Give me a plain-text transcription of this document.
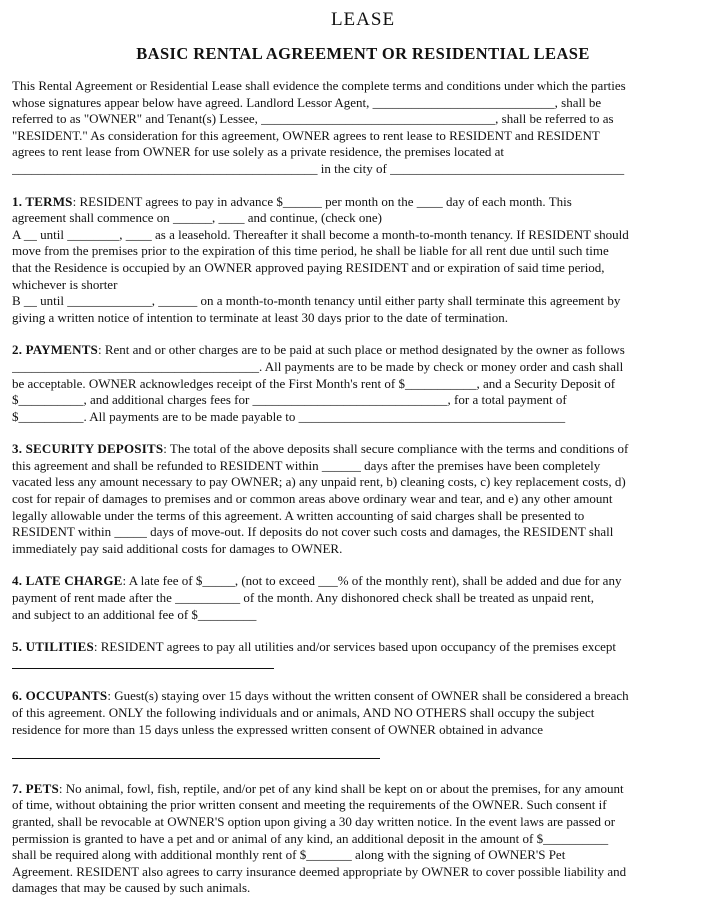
LEASE
BASIC RENTAL AGREEMENT OR RESIDENTIAL LEASE
This Rental Agreement or Residential Lease shall evidence the complete terms and conditions under which the parties
whose signatures appear below have agreed. Landlord Lessor Agent, ____________________________, shall be
referred to as "OWNER" and Tenant(s) Lessee, ____________________________________, shall be referred to as
"RESIDENT." As consideration for this agreement, OWNER agrees to rent lease to RESIDENT and RESIDENT
agrees to rent lease from OWNER for use solely as a private residence, the premises located at
_______________________________________________ in the city of ____________________________________
1. TERMS: RESIDENT agrees to pay in advance $______ per month on the ____ day of each month. This
agreement shall commence on ______, ____ and continue, (check one)
A __ until ________, ____ as a leasehold. Thereafter it shall become a month-to-month tenancy. If RESIDENT should
move from the premises prior to the expiration of this time period, he shall be liable for all rent due until such time
that the Residence is occupied by an OWNER approved paying RESIDENT and or expiration of said time period,
whichever is shorter
B __ until _____________, ______ on a month-to-month tenancy until either party shall terminate this agreement by
giving a written notice of intention to terminate at least 30 days prior to the date of termination.
2. PAYMENTS: Rent and or other charges are to be paid at such place or method designated by the owner as follows
______________________________________. All payments are to be made by check or money order and cash shall
be acceptable. OWNER acknowledges receipt of the First Month's rent of $___________, and a Security Deposit of
$__________, and additional charges fees for ______________________________, for a total payment of
$__________. All payments are to be made payable to _________________________________________
3. SECURITY DEPOSITS: The total of the above deposits shall secure compliance with the terms and conditions of
this agreement and shall be refunded to RESIDENT within ______ days after the premises have been completely
vacated less any amount necessary to pay OWNER; a) any unpaid rent, b) cleaning costs, c) key replacement costs, d)
cost for repair of damages to premises and or common areas above ordinary wear and tear, and e) any other amount
legally allowable under the terms of this agreement. A written accounting of said charges shall be presented to
RESIDENT within _____ days of move-out. If deposits do not cover such costs and damages, the RESIDENT shall
immediately pay said additional costs for damages to OWNER.
4. LATE CHARGE: A late fee of $_____, (not to exceed ___% of the monthly rent), shall be added and due for any
payment of rent made after the __________ of the month. Any dishonored check shall be treated as unpaid rent,
and subject to an additional fee of $_________
5. UTILITIES: RESIDENT agrees to pay all utilities and/or services based upon occupancy of the premises except
6. OCCUPANTS: Guest(s) staying over 15 days without the written consent of OWNER shall be considered a breach
of this agreement. ONLY the following individuals and or animals, AND NO OTHERS shall occupy the subject
residence for more than 15 days unless the expressed written consent of OWNER obtained in advance
7. PETS: No animal, fowl, fish, reptile, and/or pet of any kind shall be kept on or about the premises, for any amount
of time, without obtaining the prior written consent and meeting the requirements of the OWNER. Such consent if
granted, shall be revocable at OWNER'S option upon giving a 30 day written notice. In the event laws are passed or
permission is granted to have a pet and or animal of any kind, an additional deposit in the amount of $__________
shall be required along with additional monthly rent of $_______ along with the signing of OWNER'S Pet
Agreement. RESIDENT also agrees to carry insurance deemed appropriate by OWNER to cover possible liability and
damages that may be caused by such animals.
